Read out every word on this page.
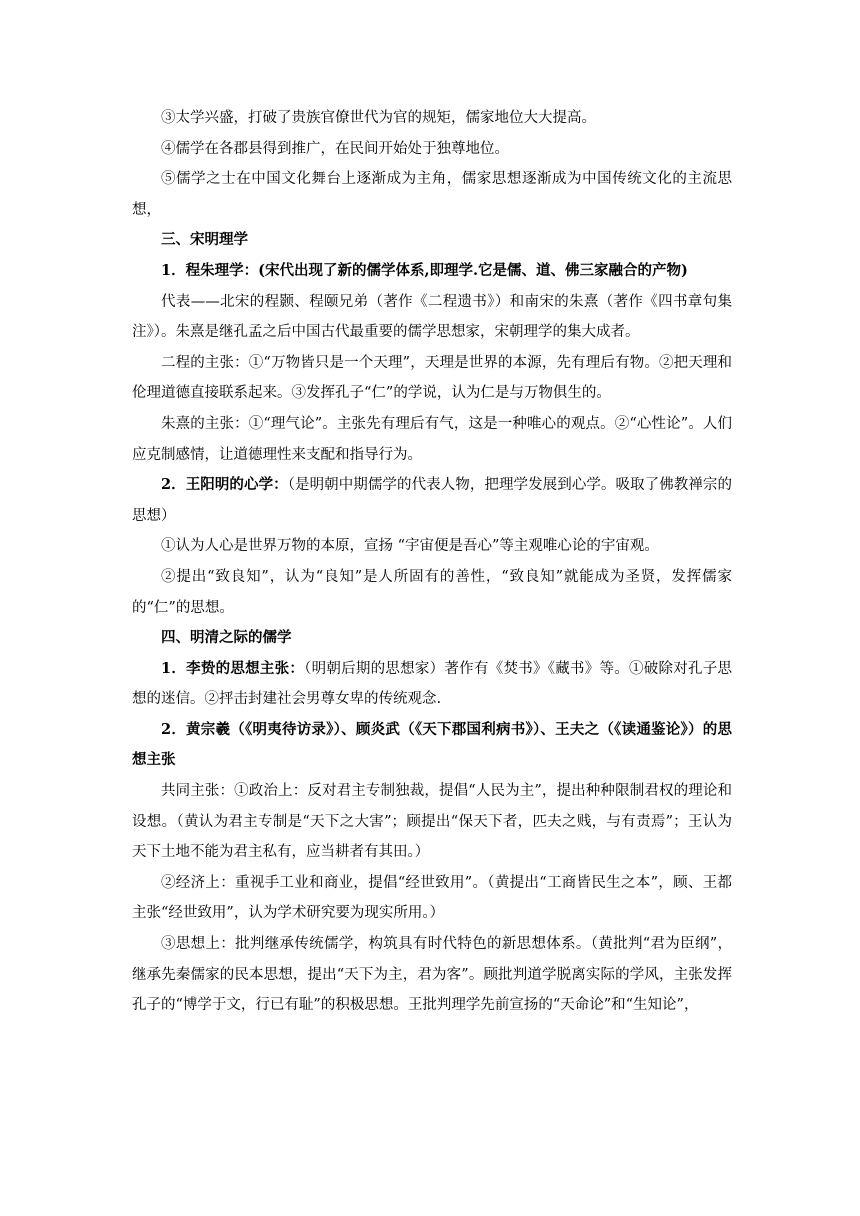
③太学兴盛，打破了贵族官僚世代为官的规矩，儒家地位大大提高。

④儒学在各郡县得到推广，在民间开始处于独尊地位。

⑤儒学之士在中国文化舞台上逐渐成为主角，儒家思想逐渐成为中国传统文化的主流思想，

三、宋明理学

1．程朱理学：(宋代出现了新的儒学体系,即理学.它是儒、道、佛三家融合的产物)

代表——北宋的程颢、程颐兄弟（著作《二程遗书》）和南宋的朱熹（著作《四书章句集注》）。朱熹是继孔孟之后中国古代最重要的儒学思想家，宋朝理学的集大成者。

二程的主张：①“万物皆只是一个天理”，天理是世界的本源，先有理后有物。②把天理和伦理道德直接联系起来。③发挥孔子“仁”的学说，认为仁是与万物俱生的。

朱熹的主张：①“理气论”。主张先有理后有气，这是一种唯心的观点。②“心性论”。人们应克制感情，让道德理性来支配和指导行为。

2．王阳明的心学：（是明朝中期儒学的代表人物，把理学发展到心学。吸取了佛教禅宗的思想）

①认为人心是世界万物的本原，宣扬 “宇宙便是吾心”等主观唯心论的宇宙观。

②提出“致良知”，认为“良知”是人所固有的善性，“致良知”就能成为圣贤，发挥儒家 的“仁”的思想。

四、明清之际的儒学

1．李贽的思想主张：（明朝后期的思想家）著作有《焚书》《藏书》等。①破除对孔子思想的迷信。②抨击封建社会男尊女卑的传统观念.

2．黄宗羲（《明夷待访录》）、顾炎武（《天下郡国利病书》）、王夫之（《读通鉴论》）的思想主张

共同主张：①政治上：反对君主专制独裁，提倡“人民为主”，提出种种限制君权的理论和设想。（黄认为君主专制是“天下之大害”；顾提出“保天下者，匹夫之贱，与有责焉”；王认为天下土地不能为君主私有，应当耕者有其田。）

②经济上：重视手工业和商业，提倡“经世致用”。（黄提出“工商皆民生之本”，顾、王都主张“经世致用”，认为学术研究要为现实所用。）

③思想上：批判继承传统儒学，构筑具有时代特色的新思想体系。（黄批判“君为臣纲”，继承先秦儒家的民本思想，提出“天下为主，君为客”。顾批判道学脱离实际的学风，主张发挥孔子的“博学于文，行已有耻”的积极思想。王批判理学先前宣扬的“天命论”和“生知论”，
